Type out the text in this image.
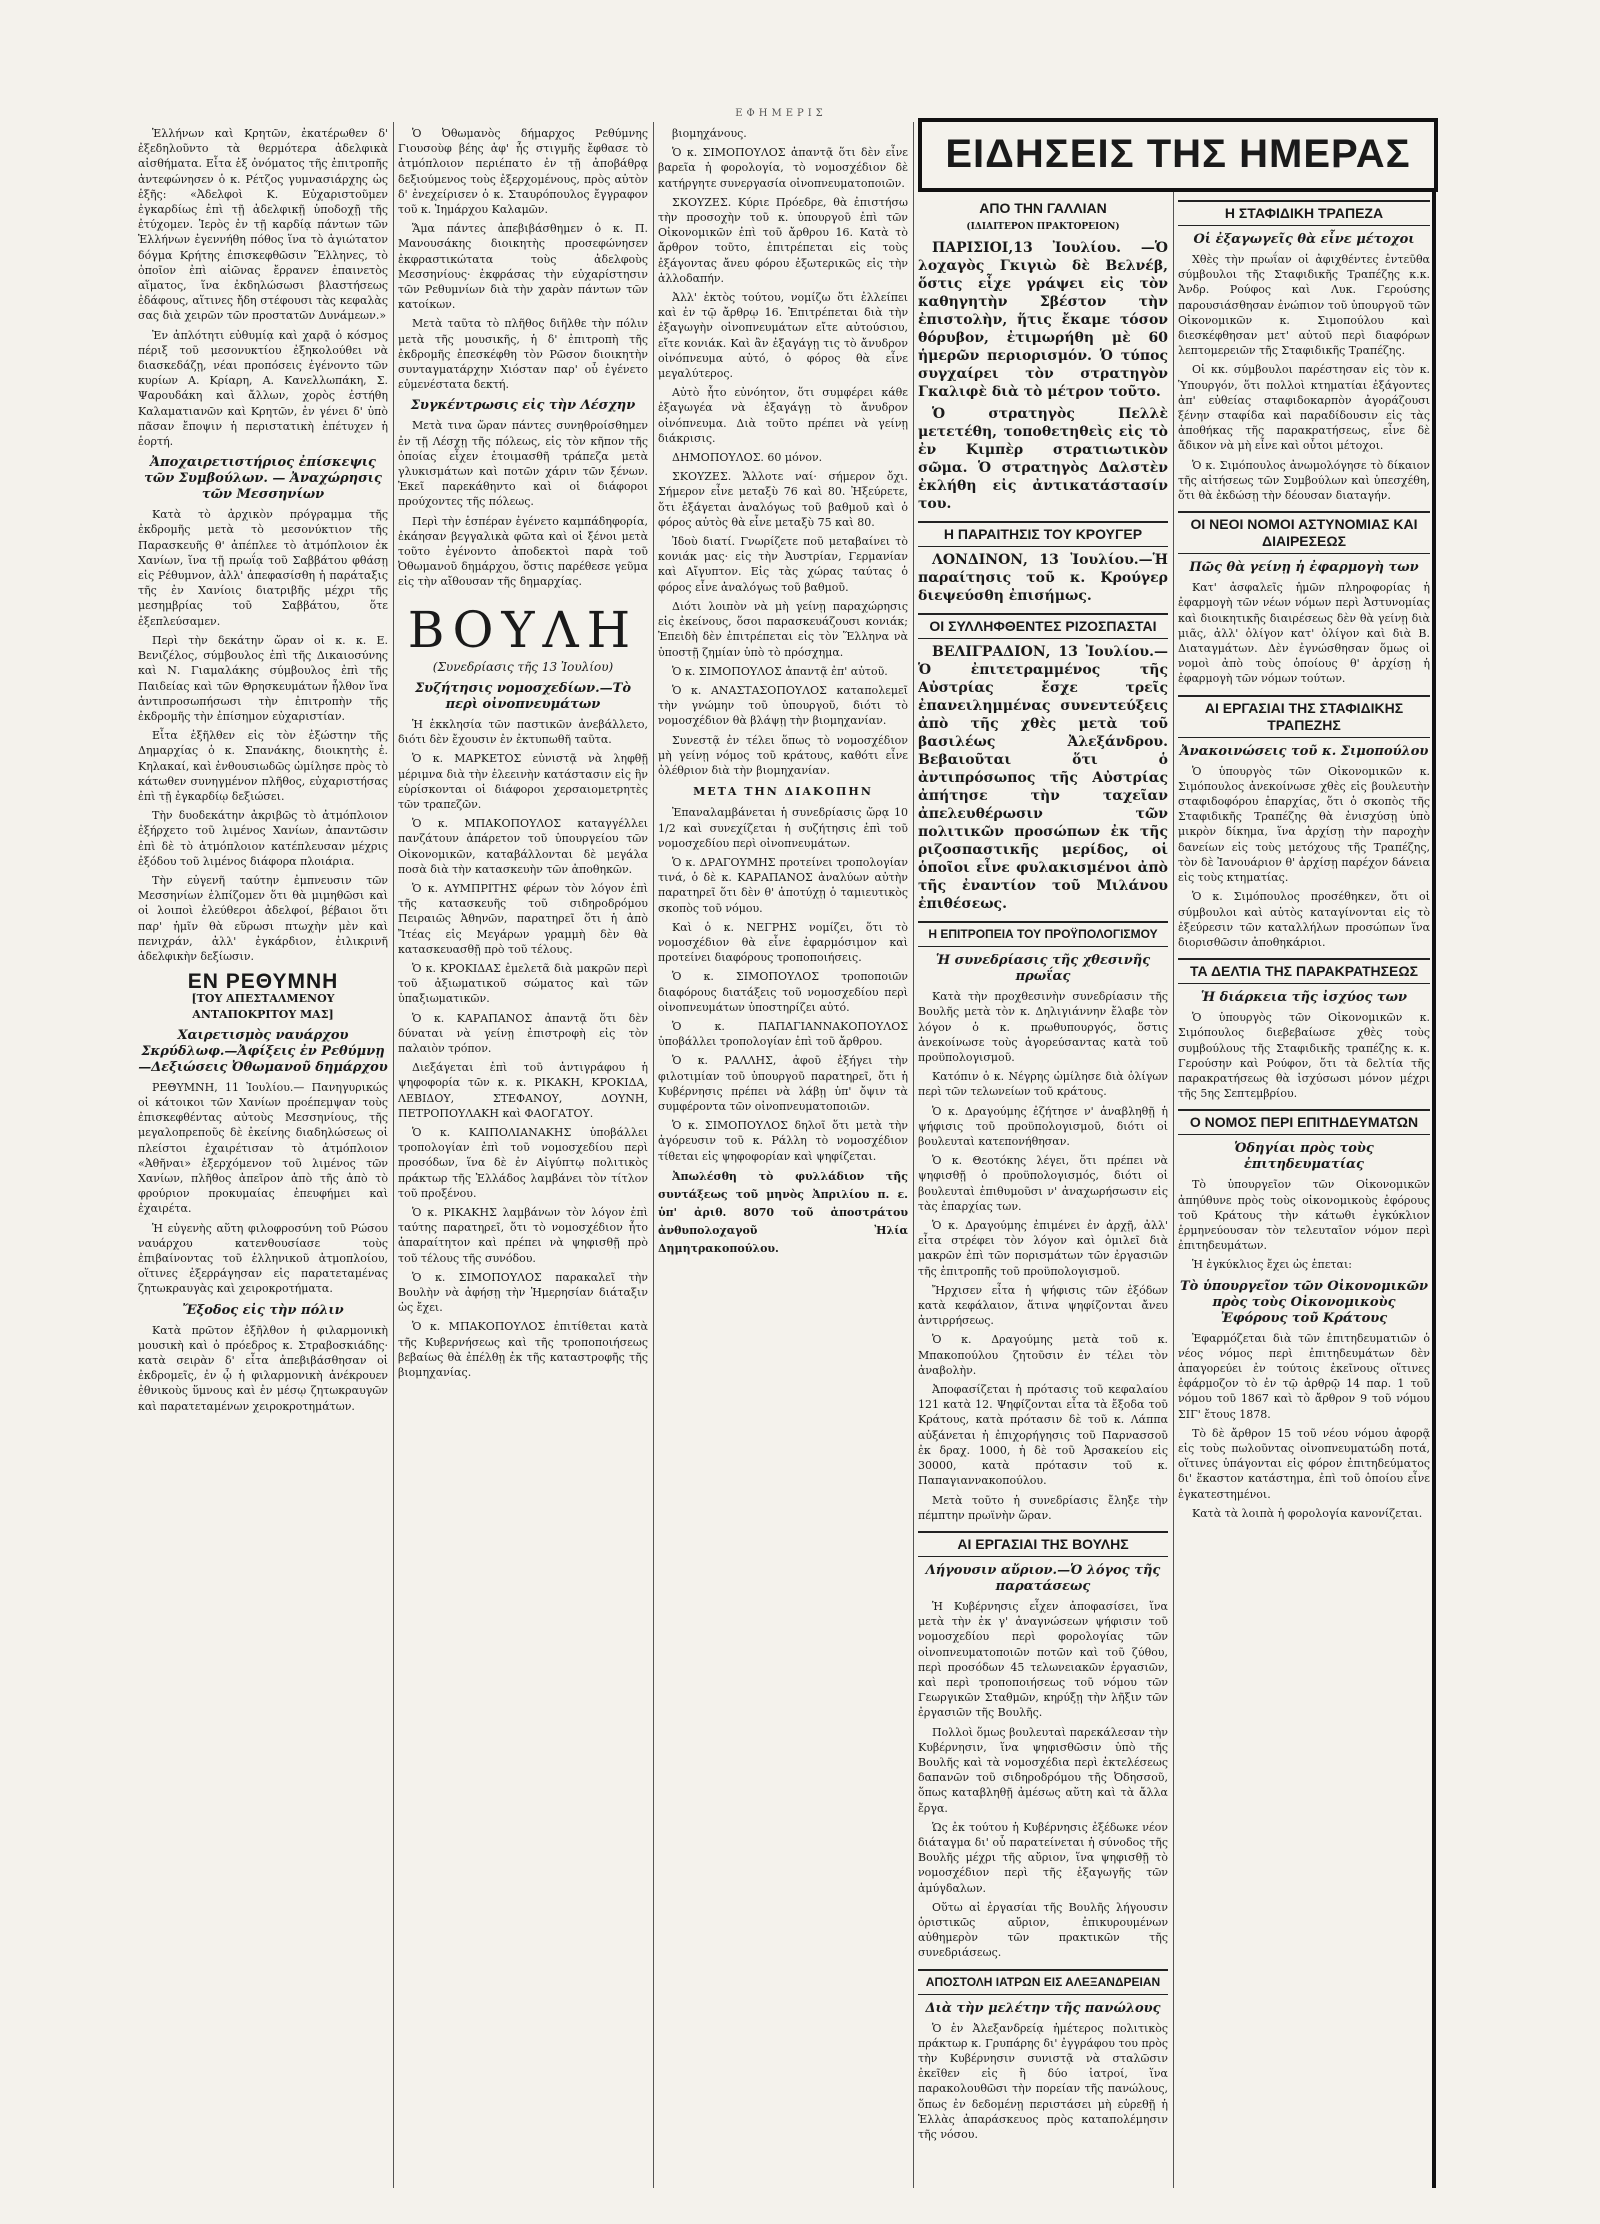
ΕΦΗΜΕΡΙΣ

Ἑλλήνων καὶ Κρητῶν, ἐκατέρωθεν δ' ἐξεδηλοῦντο τὰ θερμότερα ἀδελφικὰ αἰσθήματα. Εἶτα ἐξ ὀνόματος τῆς ἐπιτροπῆς ἀντεφώνησεν ὁ κ. Ρέτζος γυμνασιάρχης ὡς ἑξῆς: «Ἀδελφοὶ Κ. Εὐχαριστοῦμεν ἐγκαρδίως ἐπὶ τῇ ἀδελφικῇ ὑποδοχῇ τῆς ἐτύχομεν. Ἱερὸς ἐν τῇ καρδίᾳ πάντων τῶν Ἑλλήνων ἐγεννήθη πόθος ἵνα τὸ ἁγιώτατον δόγμα Κρήτης ἐπισκεφθῶσιν Ἕλληνες, τὸ ὁποῖον ἐπὶ αἰῶνας ἔρρανεν ἐπαινετὸς αἵματος, ἵνα ἐκδηλώσωσι βλαστήσεως ἐδάφους, αἵτινες ἤδη στέφουσι τὰς κεφαλὰς σας διὰ χειρῶν τῶν προστατῶν Δυνάμεων.»

Ἐν ἀπλότητι εὐθυμίᾳ καὶ χαρᾷ ὁ κόσμος πέριξ τοῦ μεσονυκτίου ἐξηκολούθει νὰ διασκεδάζῃ, νέαι προπόσεις ἐγένοντο τῶν κυρίων Α. Κρίαρη, Α. Κανελλωπάκη, Σ. Ψαρουδάκη καὶ ἄλλων, χορὸς ἐστήθη Καλαματιανῶν καὶ Κρητῶν, ἐν γένει δ' ὑπὸ πᾶσαν ἔποψιν ἡ περιστατικὴ ἐπέτυχεν ἡ ἑορτή.

Ἀποχαιρετιστήριος ἐπίσκεψις τῶν Συμβούλων. — Ἀναχώρησις τῶν Μεσσηνίων

Κατὰ τὸ ἀρχικὸν πρόγραμμα τῆς ἐκδρομῆς μετὰ τὸ μεσονύκτιον τῆς Παρασκευῆς θ' ἀπέπλεε τὸ ἀτμόπλοιον ἐκ Χανίων, ἵνα τῇ πρωΐᾳ τοῦ Σαββάτου φθάσῃ εἰς Ρέθυμνον, ἀλλ' ἀπεφασίσθη ἡ παράταξις τῆς ἐν Χανίοις διατριβῆς μέχρι τῆς μεσημβρίας τοῦ Σαββάτου, ὅτε ἐξεπλεύσαμεν.

Περὶ τὴν δεκάτην ὥραν οἱ κ. κ. Ε. Βενιζέλος, σύμβουλος ἐπὶ τῆς Δικαιοσύνης καὶ Ν. Γιαμαλάκης σύμβουλος ἐπὶ τῆς Παιδείας καὶ τῶν Θρησκευμάτων ἦλθον ἵνα ἀντιπροσωπήσωσι τὴν ἐπιτροπὴν τῆς ἐκδρομῆς τὴν ἐπίσημον εὐχαριστίαν.

Εἶτα ἐξῆλθεν εἰς τὸν ἐξώστην τῆς Δημαρχίας ὁ κ. Σπανάκης, διοικητὴς ἐ. Κηλακαί, καὶ ἐνθουσιωδῶς ὡμίλησε πρὸς τὸ κάτωθεν συνηγμένον πλῆθος, εὐχαριστήσας ἐπὶ τῇ ἐγκαρδίῳ δεξιώσει.

Τὴν δυοδεκάτην ἀκριβῶς τὸ ἀτμόπλοιον ἐξήρχετο τοῦ λιμένος Χανίων, ἀπαντῶσιν ἐπὶ δὲ τὸ ἀτμόπλοιον κατέπλευσαν μέχρις ἐξόδου τοῦ λιμένος διάφορα πλοιάρια.

Τὴν εὐγενῆ ταύτην ἐμπνευσιν τῶν Μεσσηνίων ἐλπίζομεν ὅτι θὰ μιμηθῶσι καὶ οἱ λοιποὶ ἐλεύθεροι ἀδελφοί, βέβαιοι ὅτι παρ' ἡμῖν θὰ εὕρωσι πτωχὴν μὲν καὶ πενιχράν, ἀλλ' ἐγκάρδιον, ἐιλικρινῆ ἀδελφικὴν δεξίωσιν.

ΕΝ ΡΕΘΥΜΝΗ
[ΤΟΥ ΑΠΕΣΤΑΛΜΕΝΟΥ ΑΝΤΑΠΟΚΡΙΤΟΥ ΜΑΣ]
Χαιρετισμὸς ναυάρχου Σκρύδλωφ.—Ἀφίξεις ἐν Ρεθύμνῃ—Δεξιώσεις Ὀθωμανοῦ δημάρχου

ΡΕΘΥΜΝΗ, 11 Ἰουλίου.— Πανηγυρικώς οἱ κάτοικοι τῶν Χανίων προέπεμψαν τοὺς ἐπισκεφθέντας αὐτοὺς Μεσσηνίους, τῆς μεγαλοπρεποῦς δὲ ἐκείνης διαδηλώσεως οἱ πλείστοι ἐχαιρέτισαν τὸ ἀτμόπλοιον «Ἀθῆναι» ἐξερχόμενον τοῦ λιμένος τῶν Χανίων, πλῆθος ἀπεῖρον ἀπὸ τῆς ἀπὸ τὸ φρούριον προκυμαίας ἐπευφήμει καὶ ἐχαιρέτα.

Ἡ εὐγενὴς αὕτη φιλοφροσύνη τοῦ Ρώσου ναυάρχου κατενθουσίασε τοὺς ἐπιβαίνοντας τοῦ ἑλληνικοῦ ἀτμοπλοίου, οἵτινες ἐξερράγησαν εἰς παρατεταμένας ζητωκραυγὰς καὶ χειροκροτήματα.

Ἔξοδος εἰς τὴν πόλιν

Κατὰ πρῶτον ἐξῆλθον ἡ φιλαρμονικὴ μουσικὴ καὶ ὁ πρόεδρος κ. Στραβοσκιάδης· κατὰ σειρὰν δ' εἶτα ἀπεβιβάσθησαν οἱ ἐκδρομεῖς, ἐν ᾧ ἡ φιλαρμονικὴ ἀνέκρουεν ἐθνικοὺς ὕμνους καὶ ἐν μέσῳ ζητωκραυγῶν καὶ παρατεταμένων χειροκροτημάτων.

Ὁ Ὀθωμανὸς δήμαρχος Ρεθύμνης Γιουσοὺφ βέης ἀφ' ἧς στιγμῆς ἔφθασε τὸ ἀτμόπλοιον περιέπατο ἐν τῇ ἀποβάθρᾳ δεξιούμενος τοὺς ἐξερχομένους, πρὸς αὐτὸν δ' ἐνεχείρισεν ὁ κ. Σταυρόπουλος ἔγγραφον τοῦ κ. Ἰημάρχου Καλαμῶν.

Ἅμα πάντες ἀπεβιβάσθημεν ὁ κ. Π. Μανουσάκης διοικητὴς προσεφώνησεν ἐκφραστικώτατα τοὺς ἀδελφοὺς Μεσσηνίους· ἐκφράσας τὴν εὐχαρίστησιν τῶν Ρεθυμνίων διὰ τὴν χαρὰν πάντων τῶν κατοίκων.

Μετὰ ταῦτα τὸ πλῆθος διῆλθε τὴν πόλιν μετὰ τῆς μουσικῆς, ἡ δ' ἐπιτροπὴ τῆς ἐκδρομῆς ἐπεσκέφθη τὸν Ρῶσον διοικητὴν συνταγματάρχην Χιόσταν παρ' οὗ ἐγένετο εὐμενέστατα δεκτή.

Συγκέντρωσις εἰς τὴν Λέσχην

Μετὰ τινα ὥραν πάντες συνηθροίσθημεν ἐν τῇ Λέσχῃ τῆς πόλεως, εἰς τὸν κῆπον τῆς ὁποίας εἶχεν ἑτοιμασθῆ τράπεζα μετὰ γλυκισμάτων καὶ ποτῶν χάριν τῶν ξένων. Ἐκεῖ παρεκάθηντο καὶ οἱ διάφοροι προύχοντες τῆς πόλεως.

Περὶ τὴν ἑσπέραν ἐγένετο καμπάδηφορία, ἐκάησαν βεγγαλικὰ φῶτα καὶ οἱ ξένοι μετὰ τοῦτο ἐγένοντο ἀποδεκτοὶ παρὰ τοῦ Ὀθωμανοῦ δημάρχου, ὅστις παρέθεσε γεῦμα εἰς τὴν αἴθουσαν τῆς δημαρχίας.

ΒΟΥΛΗ
(Συνεδρίασις τῆς 13 Ἰουλίου)
Συζήτησις νομοσχεδίων.—Τὸ περὶ οἰνοπνευμάτων

Ἡ ἐκκλησία τῶν παστικῶν ἀνεβάλλετο, διότι δὲν ἔχουσιν ἐν ἐκτυπωθῆ ταῦτα.

Ὁ κ. ΜΑΡΚΕΤΟΣ εὑνιστᾷ νὰ ληφθῇ μέριμνα διὰ τὴν ἐλεεινὴν κατάστασιν εἰς ἣν εὑρίσκονται οἱ διάφοροι χερσαιομετρητὲς τῶν τραπεζῶν.

Ὁ κ. ΜΠΑΚΟΠΟΥΛΟΣ καταγγέλλει πανζάτουν ἀπάρετον τοῦ ὑπουργείου τῶν Οἰκονομικῶν, καταβάλλονται δὲ μεγάλα ποσὰ διὰ τὴν κατασκευὴν τῶν ἀποθηκῶν.

Ὁ κ. ΑΥΜΠΡΙΤΗΣ φέρων τὸν λόγον ἐπὶ τῆς κατασκευῆς τοῦ σιδηροδρόμου Πειραιῶς Ἀθηνῶν, παρατηρεῖ ὅτι ἡ ἀπὸ Ἴτέας εἰς Μεγάρων γραμμὴ δὲν θὰ κατασκευασθῇ πρὸ τοῦ τέλους.

Ὁ κ. ΚΡΟΚΙΔΑΣ ἐμελετᾶ διὰ μακρῶν περὶ τοῦ ἀξιωματικοῦ σώματος καὶ τῶν ὑπαξιωματικῶν.

Ὁ κ. ΚΑΡΑΠΑΝΟΣ ἀπαντᾷ ὅτι δὲν δύναται νὰ γείνῃ ἐπιστροφὴ εἰς τὸν παλαιὸν τρόπον.

Διεξάγεται ἐπὶ τοῦ ἀντιγράφου ἡ ψηφοφορία τῶν κ. κ. ΡΙΚΑΚΗ, ΚΡΟΚΙΔΑ, ΛΕΒΙΔΟΥ, ΣΤΕΦΑΝΟΥ, ΔΟΥΝΗ, ΠΕΤΡΟΠΟΥΛΑΚΗ καὶ ΦΑΟΓΑΤΟΥ.

Ὁ κ. ΚΑΙΠΟΛΙΑΝΑΚΗΣ ὑποβάλλει τροπολογίαν ἐπὶ τοῦ νομοσχεδίου περὶ προσόδων, ἵνα δὲ ἐν Αἰγύπτῳ πολιτικὸς πράκτωρ τῆς Ἑλλάδος λαμβάνει τὸν τίτλον τοῦ προξένου.

Ὁ κ. ΡΙΚΑΚΗΣ λαμβάνων τὸν λόγον ἐπὶ ταύτης παρατηρεῖ, ὅτι τὸ νομοσχέδιον ἦτο ἀπαραίτητον καὶ πρέπει νὰ ψηφισθῇ πρὸ τοῦ τέλους τῆς συνόδου.

Ὁ κ. ΣΙΜΟΠΟΥΛΟΣ παρακαλεῖ τὴν Βουλὴν νὰ ἀφήσῃ τὴν Ἡμερησίαν διάταξιν ὡς ἔχει.

Ὁ κ. ΜΠΑΚΟΠΟΥΛΟΣ ἐπιτίθεται κατὰ τῆς Κυβερνήσεως καὶ τῆς τροποποιήσεως βεβαίως θὰ ἐπέλθῃ ἐκ τῆς καταστροφῆς τῆς βιομηχανίας.

βιομηχάνους.

Ὁ κ. ΣΙΜΟΠΟΥΛΟΣ ἀπαντᾷ ὅτι δὲν εἶνε βαρεῖα ἡ φορολογία, τὸ νομοσχέδιον δὲ κατήργητε συνεργασία οἰνοπνευματοποιῶν.

ΣΚΟΥΖΕΣ. Κύριε Πρόεδρε, θὰ ἐπιστήσω τὴν προσοχὴν τοῦ κ. ὑπουργοῦ ἐπὶ τῶν Οἰκονομικῶν ἐπὶ τοῦ ἄρθρου 16. Κατὰ τὸ ἄρθρον τοῦτο, ἐπιτρέπεται εἰς τοὺς ἐξάγοντας ἄνευ φόρου ἐξωτερικῶς εἰς τὴν ἀλλοδαπήν.

Ἀλλ' ἐκτὸς τούτου, νομίζω ὅτι ἐλλείπει καὶ ἐν τῷ ἄρθρῳ 16. Ἐπιτρέπεται διὰ τὴν ἐξαγωγὴν οἰνοπνευμάτων εἴτε αὐτούσιου, εἴτε κονιάκ. Καὶ ἂν ἐξαγάγῃ τις τὸ ἄνυδρον οἰνόπνευμα αὐτό, ὁ φόρος θὰ εἶνε μεγαλύτερος.

Αὐτὸ ἦτο εὐνόητον, ὅτι συμφέρει κάθε ἐξαγωγέα νὰ ἐξαγάγῃ τὸ ἄνυδρον οἰνόπνευμα. Διὰ τοῦτο πρέπει νὰ γείνῃ διάκρισις.

ΔΗΜΟΠΟΥΛΟΣ. 60 μόνον.

ΣΚΟΥΖΕΣ. Ἄλλοτε ναί· σήμερον ὄχι. Σήμερον εἶνε μεταξὺ 76 καὶ 80. Ἠξεύρετε, ὅτι ἐξάγεται ἀναλόγως τοῦ βαθμοῦ καὶ ὁ φόρος αὐτὸς θὰ εἶνε μεταξὺ 75 καὶ 80.

Ἰδοὺ διατί. Γνωρίζετε ποῦ μεταβαίνει τὸ κονιάκ μας· εἰς τὴν Ἀυστρίαν, Γερμανίαν καὶ Αἴγυπτον. Εἰς τὰς χώρας ταύτας ὁ φόρος εἶνε ἀναλόγως τοῦ βαθμοῦ.

Διότι λοιπὸν νὰ μὴ γείνῃ παραχώρησις εἰς ἐκείνους, ὅσοι παρασκευάζουσι κονιάκ; Ἐπειδὴ δὲν ἐπιτρέπεται εἰς τὸν Ἕλληνα νὰ ὑποστῇ ζημίαν ὑπὸ τὸ πρόσχημα.

Ὁ κ. ΣΙΜΟΠΟΥΛΟΣ ἀπαντᾷ ἐπ' αὐτοῦ.

Ὁ κ. ΑΝΑΣΤΑΣΟΠΟΥΛΟΣ καταπολεμεῖ τὴν γνώμην τοῦ ὑπουργοῦ, διότι τὸ νομοσχέδιον θὰ βλάψῃ τὴν βιομηχανίαν.

Συνεστᾷ ἐν τέλει ὅπως τὸ νομοσχέδιον μὴ γείνῃ νόμος τοῦ κράτους, καθότι εἶνε ὀλέθριον διὰ τὴν βιομηχανίαν.

ΜΕΤΑ ΤΗΝ ΔΙΑΚΟΠΗΝ

Ἐπαναλαμβάνεται ἡ συνεδρίασις ὥρᾳ 10 1/2 καὶ συνεχίζεται ἡ συζήτησις ἐπὶ τοῦ νομοσχεδίου περὶ οἰνοπνευμάτων.

Ὁ κ. ΔΡΑΓΟΥΜΗΣ προτείνει τροπολογίαν τινά, ὁ δὲ κ. ΚΑΡΑΠΑΝΟΣ ἀναλύων αὐτὴν παρατηρεῖ ὅτι δὲν θ' ἀποτύχῃ ὁ ταμιευτικὸς σκοπὸς τοῦ νόμου.

Καὶ ὁ κ. ΝΕΓΡΗΣ νομίζει, ὅτι τὸ νομοσχέδιον θὰ εἶνε ἐφαρμόσιμον καὶ προτείνει διαφόρους τροποποιήσεις.

Ὁ κ. ΣΙΜΟΠΟΥΛΟΣ τροποποιῶν διαφόρους διατάξεις τοῦ νομοσχεδίου περὶ οἰνοπνευμάτων ὑποστηρίζει αὐτό.

Ὁ κ. ΠΑΠΑΓΙΑΝΝΑΚΟΠΟΥΛΟΣ ὑποβάλλει τροπολογίαν ἐπὶ τοῦ ἄρθρου.

Ὁ κ. ΡΑΛΛΗΣ, ἀφοῦ ἐξήγει τὴν φιλοτιμίαν τοῦ ὑπουργοῦ παρατηρεῖ, ὅτι ἡ Κυβέρνησις πρέπει νὰ λάβῃ ὑπ' ὄψιν τὰ συμφέροντα τῶν οἰνοπνευματοποιῶν.

Ὁ κ. ΣΙΜΟΠΟΥΛΟΣ δηλοῖ ὅτι μετὰ τὴν ἀγόρευσιν τοῦ κ. Ράλλη τὸ νομοσχέδιον τίθεται εἰς ψηφοφορίαν καὶ ψηφίζεται.

Ἀπωλέσθη τὸ φυλλάδιον τῆς συντάξεως τοῦ μηνὸς Ἀπριλίου π. ε. ὑπ' ἀριθ. 8070 τοῦ ἀποστράτου ἀνθυπολοχαγοῦ Ἠλία Δημητρακοπούλου.

ΕΙΔΗΣΕΙΣ ΤΗΣ ΗΜΕΡΑΣ
ΑΠΟ ΤΗΝ ΓΑΛΛΙΑΝ
(ΙΔΙΑΙΤΕΡΟΝ ΠΡΑΚΤΟΡΕΙΟΝ)

ΠΑΡΙΣΙΟΙ,13 Ἰουλίου. —Ὁ λοχαγὸς Γκιγιὼ δὲ Βελνέβ, ὅστις εἶχε γράψει εἰς τὸν καθηγητὴν Σβέστον τὴν ἐπιστολὴν, ἥτις ἔκαμε τόσον θόρυβον, ἐτιμωρήθη μὲ 60 ἡμερῶν περιορισμόν. Ὁ τύπος συγχαίρει τὸν στρατηγὸν Γκαλιφὲ διὰ τὸ μέτρον τοῦτο.

Ὁ στρατηγὸς Πελλὲ μετετέθη, τοποθετηθεὶς εἰς τὸ ἐν Κιμπὲρ στρατιωτικὸν σῶμα. Ὁ στρατηγὸς Δαλστὲν ἐκλήθη εἰς ἀντικατάστασίν του.

Η ΠΑΡΑΙΤΗΣΙΣ ΤΟΥ ΚΡΟΥΓΕΡ

ΛΟΝΔΙΝΟΝ, 13 Ἰουλίου.—Ἡ παραίτησις τοῦ κ. Κρούγερ διεψεύσθη ἐπισήμως.

ΟΙ ΣΥΛΛΗΦΘΕΝΤΕΣ ΡΙΖΟΣΠΑΣΤΑΙ

ΒΕΛΙΓΡΑΔΙΟΝ, 13 Ἰουλίου.—Ὁ ἐπιτετραμμένος τῆς Αὐστρίας ἔσχε τρεῖς ἐπανειλημμένας συνεντεύξεις ἀπὸ τῆς χθὲς μετὰ τοῦ βασιλέως Ἀλεξάνδρου. Βεβαιοῦται ὅτι ὁ ἀντιπρόσωπος τῆς Αὐστρίας ἀπήτησε τὴν ταχεῖαν ἀπελευθέρωσιν τῶν πολιτικῶν προσώπων ἐκ τῆς ριζοσπαστικῆς μερίδος, οἱ ὁποῖοι εἶνε φυλακισμένοι ἀπὸ τῆς ἐναντίον τοῦ Μιλάνου ἐπιθέσεως.

Η ΕΠΙΤΡΟΠΕΙΑ ΤΟΥ ΠΡΟΫΠΟΛΟΓΙΣΜΟΥ
Ἡ συνεδρίασις τῆς χθεσινῆς πρωΐας

Κατὰ τὴν προχθεσινὴν συνεδρίασιν τῆς Βουλῆς μετὰ τὸν κ. Δηλιγιάννην ἔλαβε τὸν λόγον ὁ κ. πρωθυπουργός, ὅστις ἀνεκοίνωσε τοὺς ἀγορεύσαντας κατὰ τοῦ προϋπολογισμοῦ.

Κατόπιν ὁ κ. Νέγρης ὡμίλησε διὰ ὀλίγων περὶ τῶν τελωνείων τοῦ κράτους.

Ὁ κ. Δραγούμης ἐζήτησε ν' ἀναβληθῇ ἡ ψήφισις τοῦ προϋπολογισμοῦ, διότι οἱ βουλευταὶ κατεπονήθησαν.

Ὁ κ. Θεοτόκης λέγει, ὅτι πρέπει νὰ ψηφισθῇ ὁ προϋπολογισμός, διότι οἱ βουλευταὶ ἐπιθυμοῦσι ν' ἀναχωρήσωσιν εἰς τὰς ἐπαρχίας των.

Ὁ κ. Δραγούμης ἐπιμένει ἐν ἀρχῇ, ἀλλ' εἶτα στρέφει τὸν λόγον καὶ ὁμιλεῖ διὰ μακρῶν ἐπὶ τῶν πορισμάτων τῶν ἐργασιῶν τῆς ἐπιτροπῆς τοῦ προϋπολογισμοῦ.

Ἤρχισεν εἶτα ἡ ψήφισις τῶν ἐξόδων κατὰ κεφάλαιον, ἅτινα ψηφίζονται ἄνευ ἀντιρρήσεως.

Ὁ κ. Δραγούμης μετὰ τοῦ κ. Μπακοπούλου ζητοῦσιν ἐν τέλει τὸν ἀναβολὴν.

Ἀποφασίζεται ἡ πρότασις τοῦ κεφαλαίου 121 κατὰ 12. Ψηφίζονται εἶτα τὰ ἔξοδα τοῦ Κράτους, κατὰ πρότασιν δὲ τοῦ κ. Λάππα αὐξάνεται ἡ ἐπιχορήγησις τοῦ Παρνασσοῦ ἐκ δραχ. 1000, ἡ δὲ τοῦ Ἀρσακείου εἰς 30000, κατὰ πρότασιν τοῦ κ. Παπαγιαννακοπούλου.

Μετὰ τοῦτο ἡ συνεδρίασις ἔληξε τὴν πέμπτην πρωϊνὴν ὥραν.

ΑΙ ΕΡΓΑΣΙΑΙ ΤΗΣ ΒΟΥΛΗΣ
Λήγουσιν αὔριον.—Ὁ λόγος τῆς παρατάσεως

Ἡ Κυβέρνησις εἶχεν ἀποφασίσει, ἵνα μετὰ τὴν ἐκ γ' ἀναγνώσεων ψήφισιν τοῦ νομοσχεδίου περὶ φορολογίας τῶν οἰνοπνευματοποιῶν ποτῶν καὶ τοῦ ζύθου, περὶ προσόδων 45 τελωνειακῶν ἐργασιῶν, καὶ περὶ τροποποιήσεως τοῦ νόμου τῶν Γεωργικῶν Σταθμῶν, κηρύξῃ τὴν λῆξιν τῶν ἐργασιῶν τῆς Βουλῆς.

Πολλοὶ ὅμως βουλευταὶ παρεκάλεσαν τὴν Κυβέρνησιν, ἵνα ψηφισθῶσιν ὑπὸ τῆς Βουλῆς καὶ τὰ νομοσχέδια περὶ ἐκτελέσεως δαπανῶν τοῦ σιδηροδρόμου τῆς Ὀδησσοῦ, ὅπως καταβληθῇ ἀμέσως αὕτη καὶ τὰ ἄλλα ἔργα.

Ὡς ἐκ τούτου ἡ Κυβέρνησις ἐξέδωκε νέον διάταγμα δι' οὗ παρατείνεται ἡ σύνοδος τῆς Βουλῆς μέχρι τῆς αὔριον, ἵνα ψηφισθῇ τὸ νομοσχέδιον περὶ τῆς ἐξαγωγῆς τῶν ἀμύγδαλων.

Οὕτω αἱ ἐργασίαι τῆς Βουλῆς λήγουσιν ὁριστικῶς αὔριον, ἐπικυρουμένων αὐθημερὸν τῶν πρακτικῶν τῆς συνεδριάσεως.

ΑΠΟΣΤΟΛΗ ΙΑΤΡΩΝ ΕΙΣ ΑΛΕΞΑΝΔΡΕΙΑΝ
Διὰ τὴν μελέτην τῆς πανώλους

Ὁ ἐν Ἀλεξανδρείᾳ ἡμέτερος πολιτικὸς πράκτωρ κ. Γρυπάρης δι' ἐγγράφου του πρὸς τὴν Κυβέρνησιν συνιστᾷ νὰ σταλῶσιν ἐκεῖθεν εἰς ἢ δύο ἰατροί, ἵνα παρακολουθῶσι τὴν πορείαν τῆς πανώλους, ὅπως ἐν δεδομένῃ περιστάσει μὴ εὑρεθῇ ἡ Ἑλλὰς ἀπαράσκευος πρὸς καταπολέμησιν τῆς νόσου.

Η ΣΤΑΦΙΔΙΚΗ ΤΡΑΠΕΖΑ
Οἱ ἐξαγωγεῖς θὰ εἶνε μέτοχοι

Χθὲς τὴν πρωΐαν οἱ ἀφιχθέντες ἐντεῦθα σύμβουλοι τῆς Σταφιδικῆς Τραπέζης κ.κ. Ἀνδρ. Ρούφος καὶ Λυκ. Γερούσης παρουσιάσθησαν ἐνώπιον τοῦ ὑπουργοῦ τῶν Οἰκονομικῶν κ. Σιμοπούλου καὶ διεσκέφθησαν μετ' αὐτοῦ περὶ διαφόρων λεπτομερειῶν τῆς Σταφιδικῆς Τραπέζης.

Οἱ κκ. σύμβουλοι παρέστησαν εἰς τὸν κ. Ὑπουργόν, ὅτι πολλοὶ κτηματίαι ἐξάγοντες ἀπ' εὐθείας σταφιδοκαρπὸν ἀγοράζουσι ξένην σταφίδα καὶ παραδίδουσιν εἰς τὰς ἀποθήκας τῆς παρακρατήσεως, εἶνε δὲ ἄδικον νὰ μὴ εἶνε καὶ οὗτοι μέτοχοι.

Ὁ κ. Σιμόπουλος ἀνωμολόγησε τὸ δίκαιον τῆς αἰτήσεως τῶν Συμβούλων καὶ ὑπεσχέθη, ὅτι θὰ ἐκδώσῃ τὴν δέουσαν διαταγήν.

ΟΙ ΝΕΟΙ ΝΟΜΟΙ ΑΣΤΥΝΟΜΙΑΣ ΚΑΙ ΔΙΑΙΡΕΣΕΩΣ
Πῶς θὰ γείνῃ ἡ ἐφαρμογὴ των

Κατ' ἀσφαλεῖς ἡμῶν πληροφορίας ἡ ἐφαρμογὴ τῶν νέων νόμων περὶ Ἀστυνομίας καὶ διοικητικῆς διαιρέσεως δὲν θὰ γείνῃ διὰ μιᾶς, ἀλλ' ὀλίγον κατ' ὀλίγον καὶ διὰ Β. Διαταγμάτων. Δὲν ἐγνώσθησαν ὅμως οἱ νομοὶ ἀπὸ τοὺς ὁποίους θ' ἀρχίσῃ ἡ ἐφαρμογὴ τῶν νόμων τούτων.

ΑΙ ΕΡΓΑΣΙΑΙ ΤΗΣ ΣΤΑΦΙΔΙΚΗΣ ΤΡΑΠΕΖΗΣ
Ἀνακοινώσεις τοῦ κ. Σιμοπούλου

Ὁ ὑπουργὸς τῶν Οἰκονομικῶν κ. Σιμόπουλος ἀνεκοίνωσε χθὲς εἰς βουλευτὴν σταφιδοφόρου ἐπαρχίας, ὅτι ὁ σκοπὸς τῆς Σταφιδικῆς Τραπέζης θὰ ἐνισχύσῃ ὑπὸ μικρὸν δίκημα, ἵνα ἀρχίσῃ τὴν παροχὴν δανείων εἰς τοὺς μετόχους τῆς Τραπέζης, τὸν δὲ Ἰανουάριον θ' ἀρχίσῃ παρέχον δάνεια εἰς τοὺς κτηματίας.

Ὁ κ. Σιμόπουλος προσέθηκεν, ὅτι οἱ σύμβουλοι καὶ αὐτὸς καταγίνονται εἰς τὸ ἐξεύρεσιν τῶν καταλλήλων προσώπων ἵνα διορισθῶσιν ἀποθηκάριοι.

ΤΑ ΔΕΛΤΙΑ ΤΗΣ ΠΑΡΑΚΡΑΤΗΣΕΩΣ
Ἡ διάρκεια τῆς ἰσχύος των

Ὁ ὑπουργὸς τῶν Οἰκονομικῶν κ. Σιμόπουλος διεβεβαίωσε χθὲς τοὺς συμβούλους τῆς Σταφιδικῆς τραπέζης κ. κ. Γερούσην καὶ Ρούφον, ὅτι τὰ δελτία τῆς παρακρατήσεως θὰ ἰσχύσωσι μόνον μέχρι τῆς 5ης Σεπτεμβρίου.

Ο ΝΟΜΟΣ ΠΕΡΙ ΕΠΙΤΗΔΕΥΜΑΤΩΝ
Ὁδηγίαι πρὸς τοὺς ἐπιτηδευματίας

Τὸ ὑπουργεῖον τῶν Οἰκονομικῶν ἀπηύθυνε πρὸς τοὺς οἰκονομικοὺς ἐφόρους τοῦ Κράτους τὴν κάτωθι ἐγκύκλιον ἑρμηνεύουσαν τὸν τελευταῖον νόμον περὶ ἐπιτηδευμάτων.

Ἡ ἐγκύκλιος ἔχει ὡς ἑπεται:

Τὸ ὑπουργεῖον τῶν Οἰκονομικῶν πρὸς τοὺς Οἰκονομικοὺς Ἐφόρους τοῦ Κράτους

Ἐφαρμόζεται διὰ τῶν ἐπιτηδευματιῶν ὁ νέος νόμος περὶ ἐπιτηδευμάτων δὲν ἀπαγορεύει ἐν τούτοις ἐκεῖνους οἵτινες ἐφάρμοζον τὸ ἐν τῷ ἀρθρῷ 14 παρ. 1 τοῦ νόμου τοῦ 1867 καὶ τὸ ἄρθρον 9 τοῦ νόμου ΣΙΓ' ἔτους 1878.

Τὸ δὲ ἄρθρον 15 τοῦ νέου νόμου ἀφορᾷ εἰς τοὺς πωλοῦντας οἰνοπνευματώδη ποτά, οἵτινες ὑπάγονται εἰς φόρον ἐπιτηδεύματος δι' ἕκαστον κατάστημα, ἐπὶ τοῦ ὁποίου εἶνε ἐγκατεστημένοι.

Κατὰ τὰ λοιπὰ ἡ φορολογία κανονίζεται.
